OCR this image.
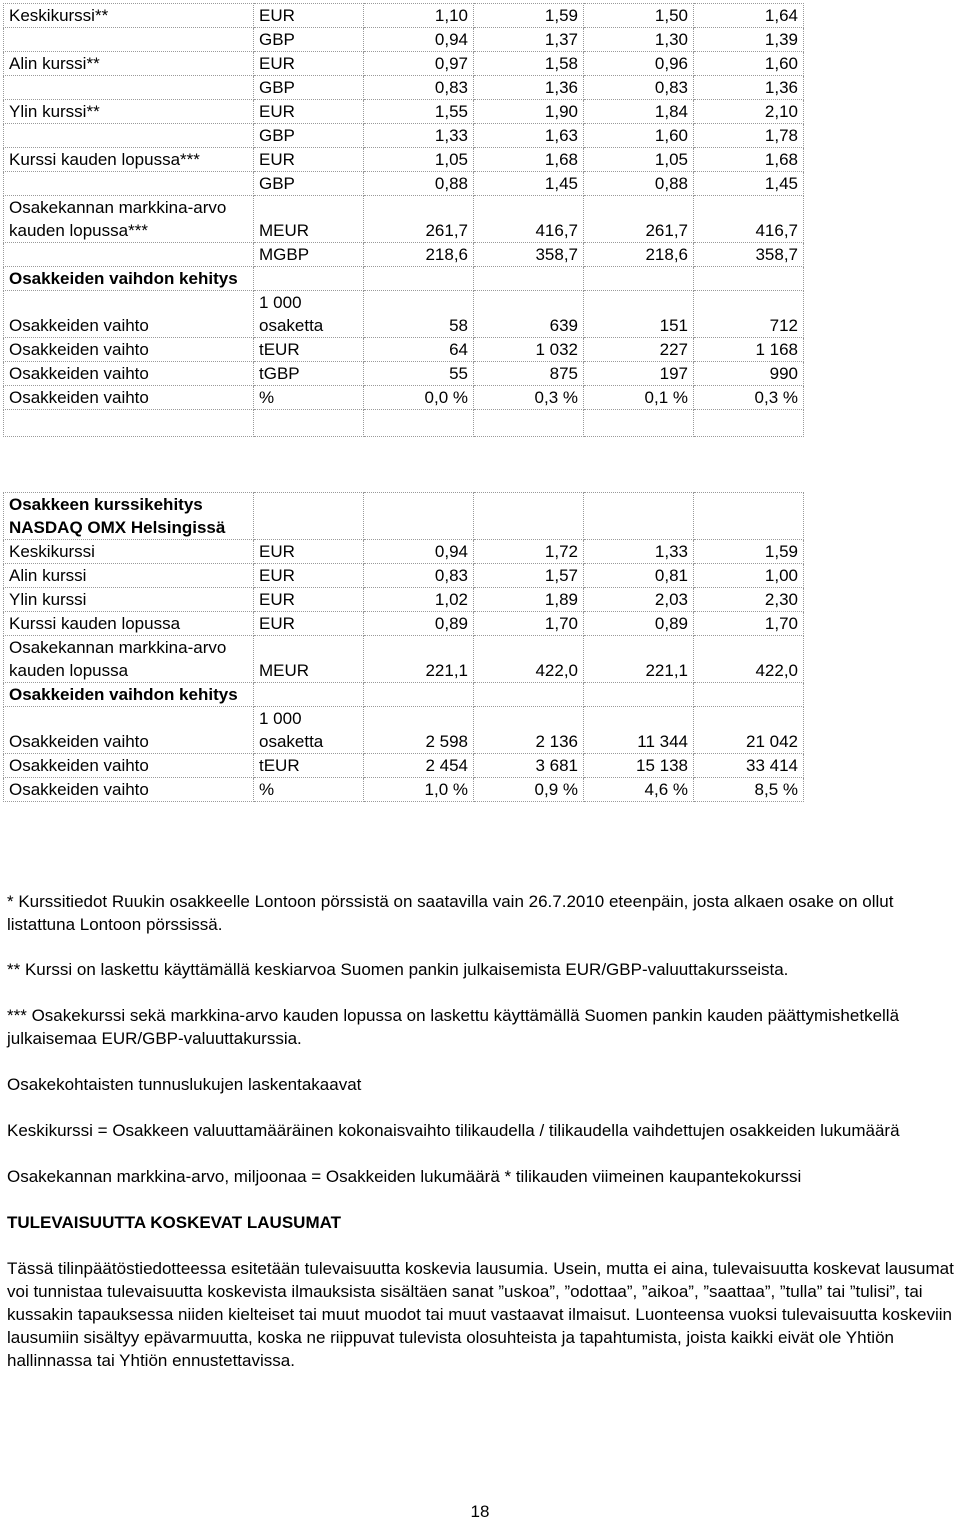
Keskikurssi**	EUR	1,10	1,59	1,50	1,64
	GBP	0,94	1,37	1,30	1,39
Alin kurssi**	EUR	0,97	1,58	0,96	1,60
	GBP	0,83	1,36	0,83	1,36
Ylin kurssi**	EUR	1,55	1,90	1,84	2,10
	GBP	1,33	1,63	1,60	1,78
Kurssi kauden lopussa***	EUR	1,05	1,68	1,05	1,68
	GBP	0,88	1,45	0,88	1,45
Osakekannan markkina-arvo kauden lopussa***	MEUR	261,7	416,7	261,7	416,7
	MGBP	218,6	358,7	218,6	358,7
Osakkeiden vaihdon kehitys					
Osakkeiden vaihto	1 000 osaketta	58	639	151	712
Osakkeiden vaihto	tEUR	64	1 032	227	1 168
Osakkeiden vaihto	tGBP	55	875	197	990
Osakkeiden vaihto	%	0,0 %	0,3 %	0,1 %	0,3 %

Osakkeen kurssikehitys NASDAQ OMX Helsingissä					
Keskikurssi	EUR	0,94	1,72	1,33	1,59
Alin kurssi	EUR	0,83	1,57	0,81	1,00
Ylin kurssi	EUR	1,02	1,89	2,03	2,30
Kurssi kauden lopussa	EUR	0,89	1,70	0,89	1,70
Osakekannan markkina-arvo kauden lopussa	MEUR	221,1	422,0	221,1	422,0
Osakkeiden vaihdon kehitys					
Osakkeiden vaihto	1 000 osaketta	2 598	2 136	11 344	21 042
Osakkeiden vaihto	tEUR	2 454	3 681	15 138	33 414
Osakkeiden vaihto	%	1,0 %	0,9 %	4,6 %	8,5 %

* Kurssitiedot Ruukin osakkeelle Lontoon pörssistä on saatavilla vain 26.7.2010 eteenpäin, josta alkaen osake on ollut listattuna Lontoon pörssissä.

** Kurssi on laskettu käyttämällä keskiarvoa Suomen pankin julkaisemista EUR/GBP-valuuttakursseista.

*** Osakekurssi sekä markkina-arvo kauden lopussa on laskettu käyttämällä Suomen pankin kauden päättymishetkellä julkaisemaa EUR/GBP-valuuttakurssia.

Osakekohtaisten tunnuslukujen laskentakaavat

Keskikurssi = Osakkeen valuuttamääräinen kokonaisvaihto tilikaudella / tilikaudella vaihdettujen osakkeiden lukumäärä

Osakekannan markkina-arvo, miljoonaa = Osakkeiden lukumäärä * tilikauden viimeinen kaupantekokurssi

TULEVAISUUTTA KOSKEVAT LAUSUMAT

Tässä tilinpäätöstiedotteessa esitetään tulevaisuutta koskevia lausumia. Usein, mutta ei aina, tulevaisuutta koskevat lausumat voi tunnistaa tulevaisuutta koskevista ilmauksista sisältäen sanat ”uskoa”, ”odottaa”, ”aikoa”, ”saattaa”, ”tulla” tai ”tulisi”, tai kussakin tapauksessa niiden kielteiset tai muut muodot tai muut vastaavat ilmaisut. Luonteensa vuoksi tulevaisuutta koskeviin lausumiin sisältyy epävarmuutta, koska ne riippuvat tulevista olosuhteista ja tapahtumista, joista kaikki eivät ole Yhtiön hallinnassa tai Yhtiön ennustettavissa.

18
